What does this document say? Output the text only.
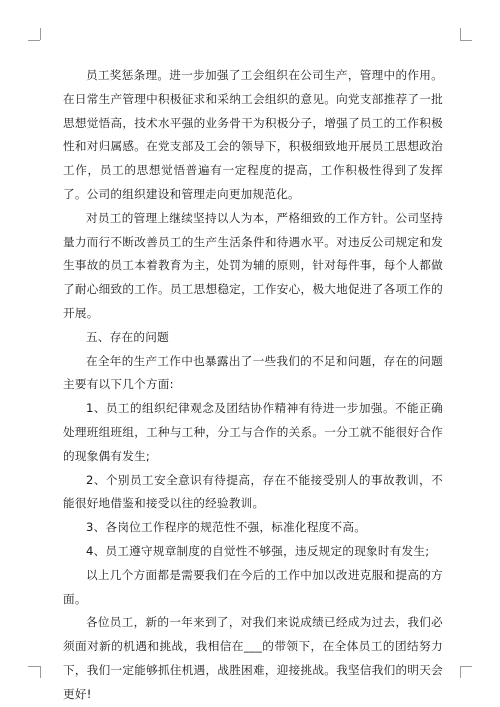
员工奖惩条理。进一步加强了工会组织在公司生产，管理中的作用。在日常生产管理中积极征求和采纳工会组织的意见。向党支部推荐了一批思想觉悟高，技术水平强的业务骨干为积极分子，增强了员工的工作积极性和对归属感。在党支部及工会的领导下，积极细致地开展员工思想政治工作，员工的思想觉悟普遍有一定程度的提高，工作积极性得到了发挥了。公司的组织建设和管理走向更加规范化。

对员工的管理上继续坚持以人为本，严格细致的工作方针。公司坚持量力而行不断改善员工的生产生活条件和待遇水平。对违反公司规定和发生事故的员工本着教育为主，处罚为辅的原则，针对每件事，每个人都做了耐心细致的工作。员工思想稳定，工作安心，极大地促进了各项工作的开展。

五、存在的问题

在全年的生产工作中也暴露出了一些我们的不足和问题，存在的问题主要有以下几个方面:

1、员工的组织纪律观念及团结协作精神有待进一步加强。不能正确处理班组班组，工种与工种，分工与合作的关系。一分工就不能很好合作的现象偶有发生;

2、个别员工安全意识有待提高，存在不能接受别人的事故教训，不能很好地借鉴和接受以往的经验教训。

3、各岗位工作程序的规范性不强，标准化程度不高。

4、员工遵守规章制度的自觉性不够强，违反规定的现象时有发生;

以上几个方面都是需要我们在今后的工作中加以改进克服和提高的方面。

各位员工，新的一年来到了，对我们来说成绩已经成为过去，我们必须面对新的机遇和挑战，我相信在___的带领下，在全体员工的团结努力下，我们一定能够抓住机遇，战胜困难，迎接挑战。我坚信我们的明天会更好!
